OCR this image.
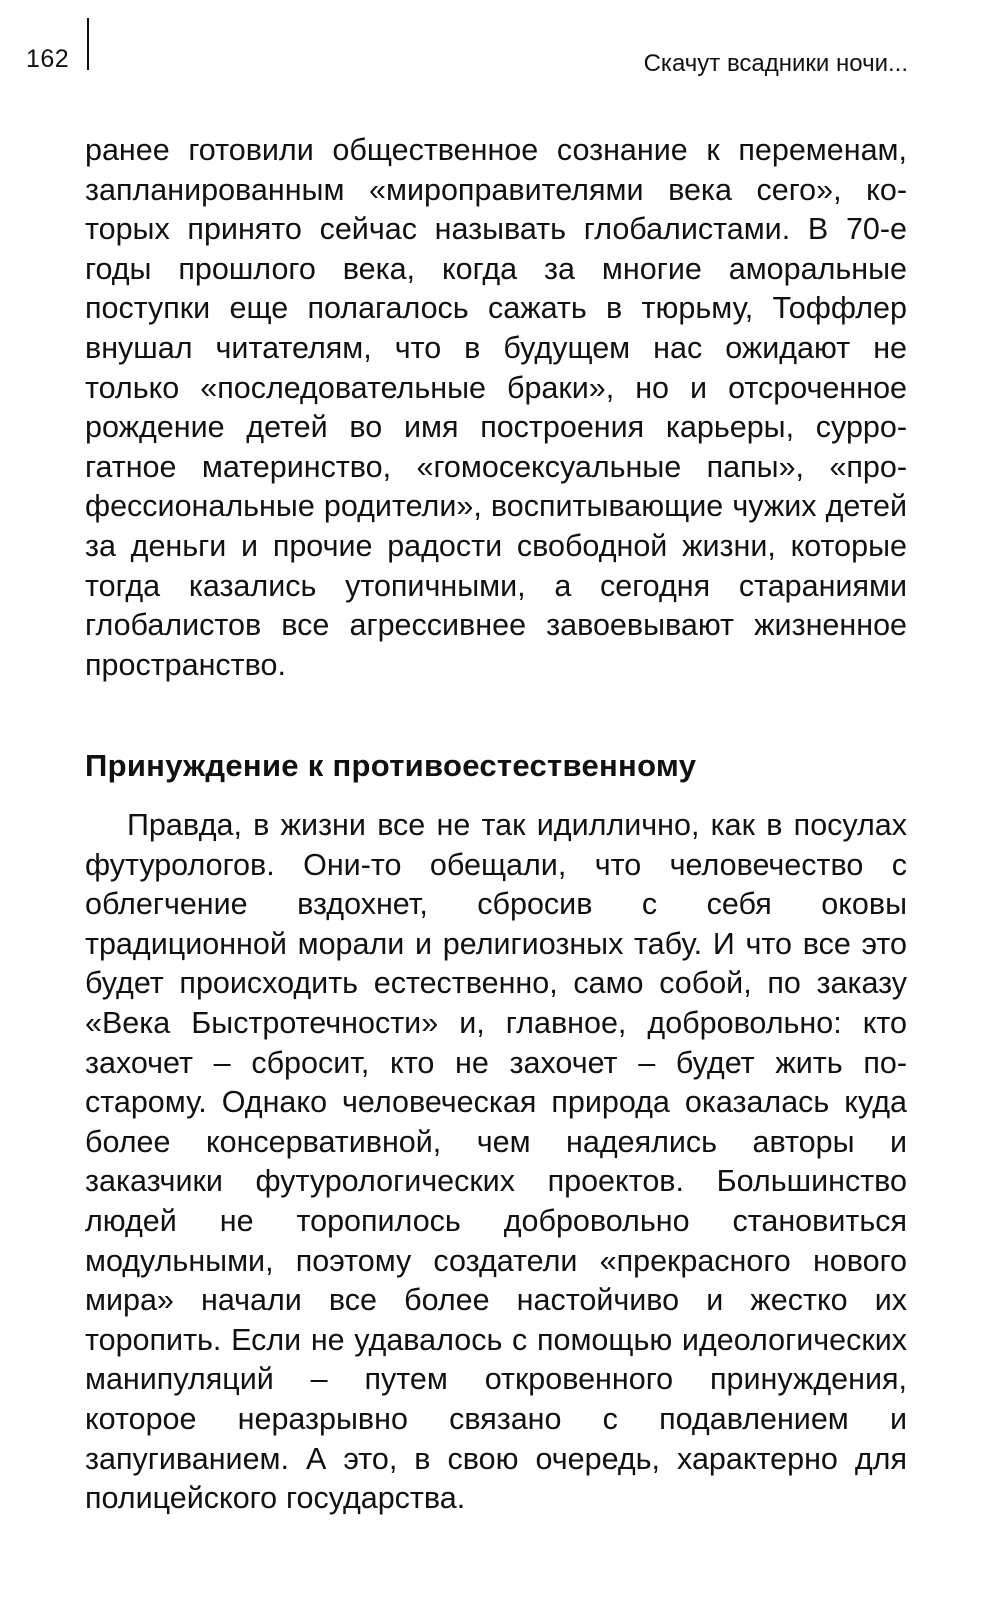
162	Скачут всадники ночи...

ранее готовили общественное сознание к переменам, запланированным «мироправителями века сего», которых принято сейчас называть глобалистами. В 70-е годы прошлого века, когда за многие аморальные поступки еще полагалось сажать в тюрьму, Тоффлер внушал читателям, что в будущем нас ожидают не только «последовательные браки», но и отсроченное рождение детей во имя построения карьеры, суррогатное материнство, «гомосексуальные папы», «профессиональные родители», воспитывающие чужих детей за деньги и прочие радости свободной жизни, которые тогда казались утопичными, а сегодня стараниями глобалистов все агрессивнее завоевывают жизненное пространство.

Принуждение к противоестественному

Правда, в жизни все не так идиллично, как в посулах футурологов. Они-то обещали, что человечество с облегчение вздохнет, сбросив с себя оковы традиционной морали и религиозных табу. И что все это будет происходить естественно, само собой, по заказу «Века Быстротечности» и, главное, добровольно: кто захочет – сбросит, кто не захочет – будет жить по-старому. Однако человеческая природа оказалась куда более консервативной, чем надеялись авторы и заказчики футурологических проектов. Большинство людей не торопилось добровольно становиться модульными, поэтому создатели «прекрасного нового мира» начали все более настойчиво и жестко их торопить. Если не удавалось с помощью идеологических манипуляций – путем откровенного принуждения, которое неразрывно связано с подавлением и запугиванием. А это, в свою очередь, характерно для полицейского государства.
